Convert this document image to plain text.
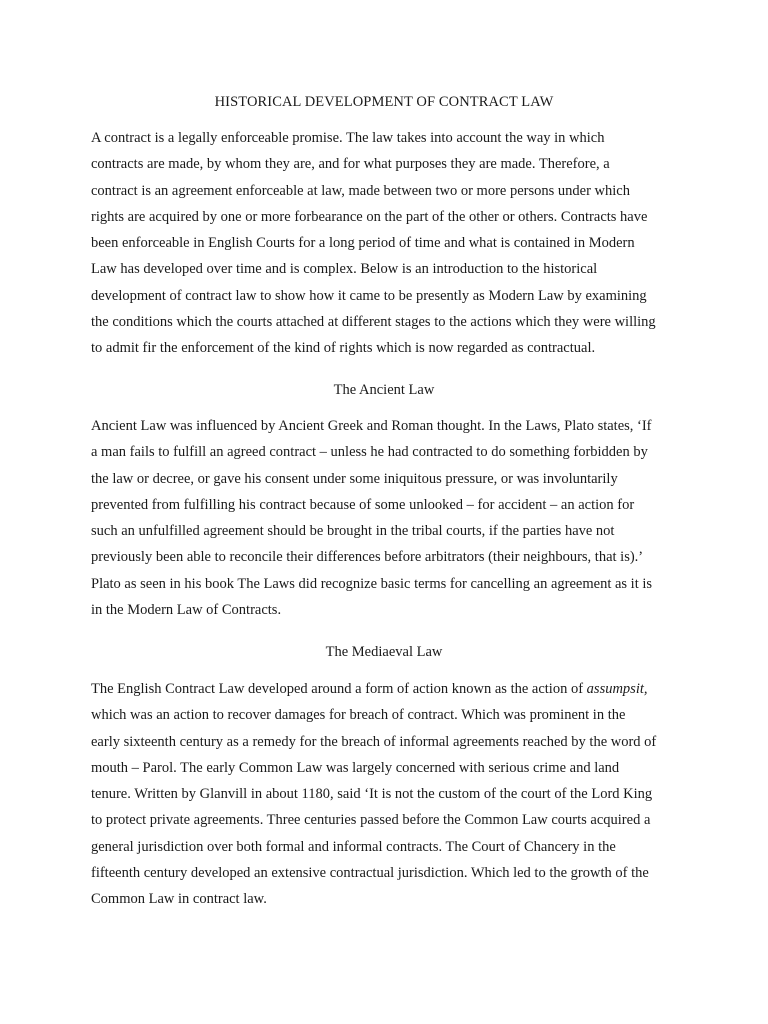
HISTORICAL DEVELOPMENT OF CONTRACT LAW
A contract is a legally enforceable promise. The law takes into account the way in which
contracts are made, by whom they are, and for what purposes they are made. Therefore, a
contract is an agreement enforceable at law, made between two or more persons under which
rights are acquired by one or more forbearance on the part of the other or others. Contracts have
been enforceable in English Courts for a long period of time and what is contained in Modern
Law has developed over time and is complex. Below is an introduction to the historical
development of contract law to show how it came to be presently as Modern Law by examining
the conditions which the courts attached at different stages to the actions which they were willing
to admit fir the enforcement of the kind of rights which is now regarded as contractual.
The Ancient Law
Ancient Law was influenced by Ancient Greek and Roman thought. In the Laws, Plato states, ‘If
a man fails to fulfill an agreed contract – unless he had contracted to do something forbidden by
the law or decree, or gave his consent under some iniquitous pressure, or was involuntarily
prevented from fulfilling his contract because of some unlooked – for accident – an action for
such an unfulfilled agreement should be brought in the tribal courts, if the parties have not
previously been able to reconcile their differences before arbitrators (their neighbours, that is).’
Plato as seen in his book The Laws did recognize basic terms for cancelling an agreement as it is
in the Modern Law of Contracts.
The Mediaeval Law
The English Contract Law developed around a form of action known as the action of assumpsit,
which was an action to recover damages for breach of contract. Which was prominent in the
early sixteenth century as a remedy for the breach of informal agreements reached by the word of
mouth – Parol. The early Common Law was largely concerned with serious crime and land
tenure. Written by Glanvill in about 1180, said ‘It is not the custom of the court of the Lord King
to protect private agreements. Three centuries passed before the Common Law courts acquired a
general jurisdiction over both formal and informal contracts. The Court of Chancery in the
fifteenth century developed an extensive contractual jurisdiction. Which led to the growth of the
Common Law in contract law.
